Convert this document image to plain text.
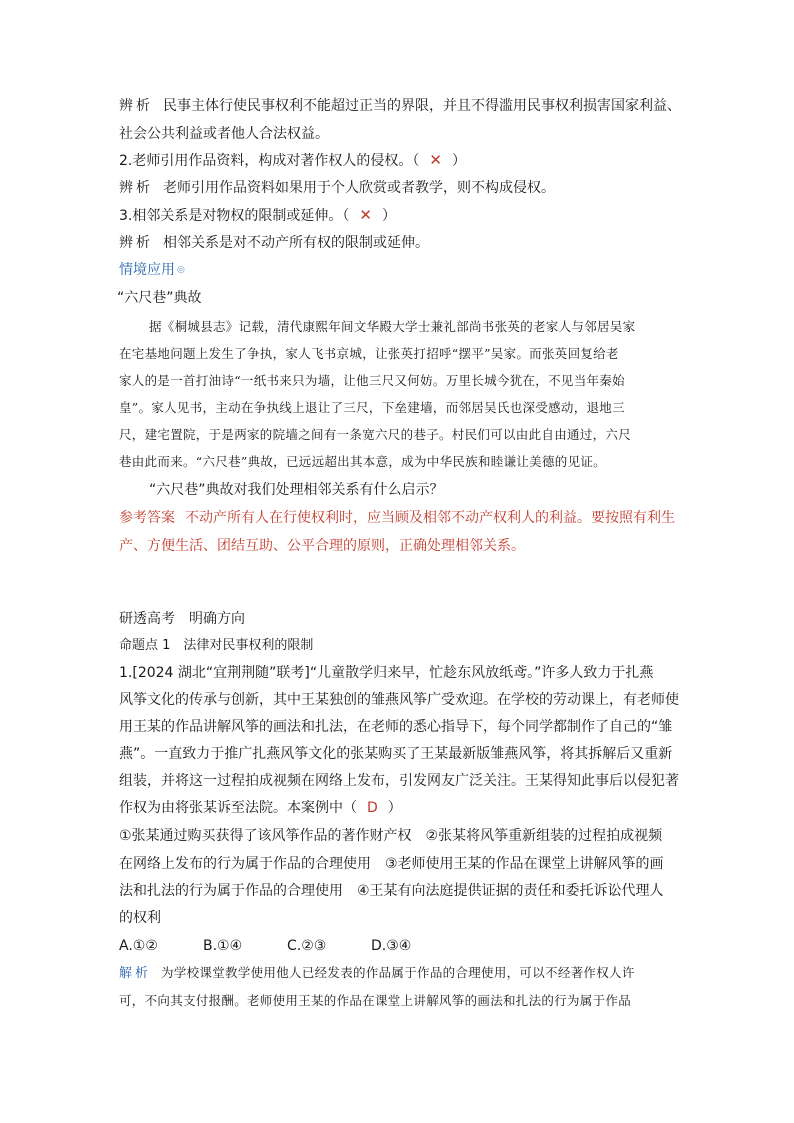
辨析 民事主体行使民事权利不能超过正当的界限，并且不得滥用民事权利损害国家利益、
社会公共利益或者他人合法权益。
2.老师引用作品资料，构成对著作权人的侵权。（ ✕ ）
辨析 老师引用作品资料如果用于个人欣赏或者教学，则不构成侵权。
3.相邻关系是对物权的限制或延伸。（ ✕ ）
辨析 相邻关系是对不动产所有权的限制或延伸。
情境应用 ◎
“六尺巷”典故
据《桐城县志》记载，清代康熙年间文华殿大学士兼礼部尚书张英的老家人与邻居吴家
在宅基地问题上发生了争执，家人飞书京城，让张英打招呼“摆平”吴家。而张英回复给老
家人的是一首打油诗“一纸书来只为墙，让他三尺又何妨。万里长城今犹在，不见当年秦始
皇”。家人见书，主动在争执线上退让了三尺，下垒建墙，而邻居吴氏也深受感动，退地三
尺，建宅置院，于是两家的院墙之间有一条宽六尺的巷子。村民们可以由此自由通过，六尺
巷由此而来。“六尺巷”典故，已远远超出其本意，成为中华民族和睦谦让美德的见证。
“六尺巷”典故对我们处理相邻关系有什么启示？
参考答案 不动产所有人在行使权利时，应当顾及相邻不动产权利人的利益。要按照有利生
产、方便生活、团结互助、公平合理的原则，正确处理相邻关系。
研透高考　明确方向
命题点 1　法律对民事权利的限制
1.[2024 湖北“宜荆荆随”联考]“儿童散学归来早，忙趁东风放纸鸢。”许多人致力于扎燕
风筝文化的传承与创新，其中王某独创的雏燕风筝广受欢迎。在学校的劳动课上，有老师使
用王某的作品讲解风筝的画法和扎法，在老师的悉心指导下，每个同学都制作了自己的“雏
燕”。一直致力于推广扎燕风筝文化的张某购买了王某最新版雏燕风筝，将其拆解后又重新
组装，并将这一过程拍成视频在网络上发布，引发网友广泛关注。王某得知此事后以侵犯著
作权为由将张某诉至法院。本案例中（ D ）
①张某通过购买获得了该风筝作品的著作财产权　②张某将风筝重新组装的过程拍成视频
在网络上发布的行为属于作品的合理使用　③老师使用王某的作品在课堂上讲解风筝的画
法和扎法的行为属于作品的合理使用　④王某有向法庭提供证据的责任和委托诉讼代理人
的权利
A.①②	B.①④	C.②③	D.③④
解析 为学校课堂教学使用他人已经发表的作品属于作品的合理使用，可以不经著作权人许
可，不向其支付报酬。老师使用王某的作品在课堂上讲解风筝的画法和扎法的行为属于作品
